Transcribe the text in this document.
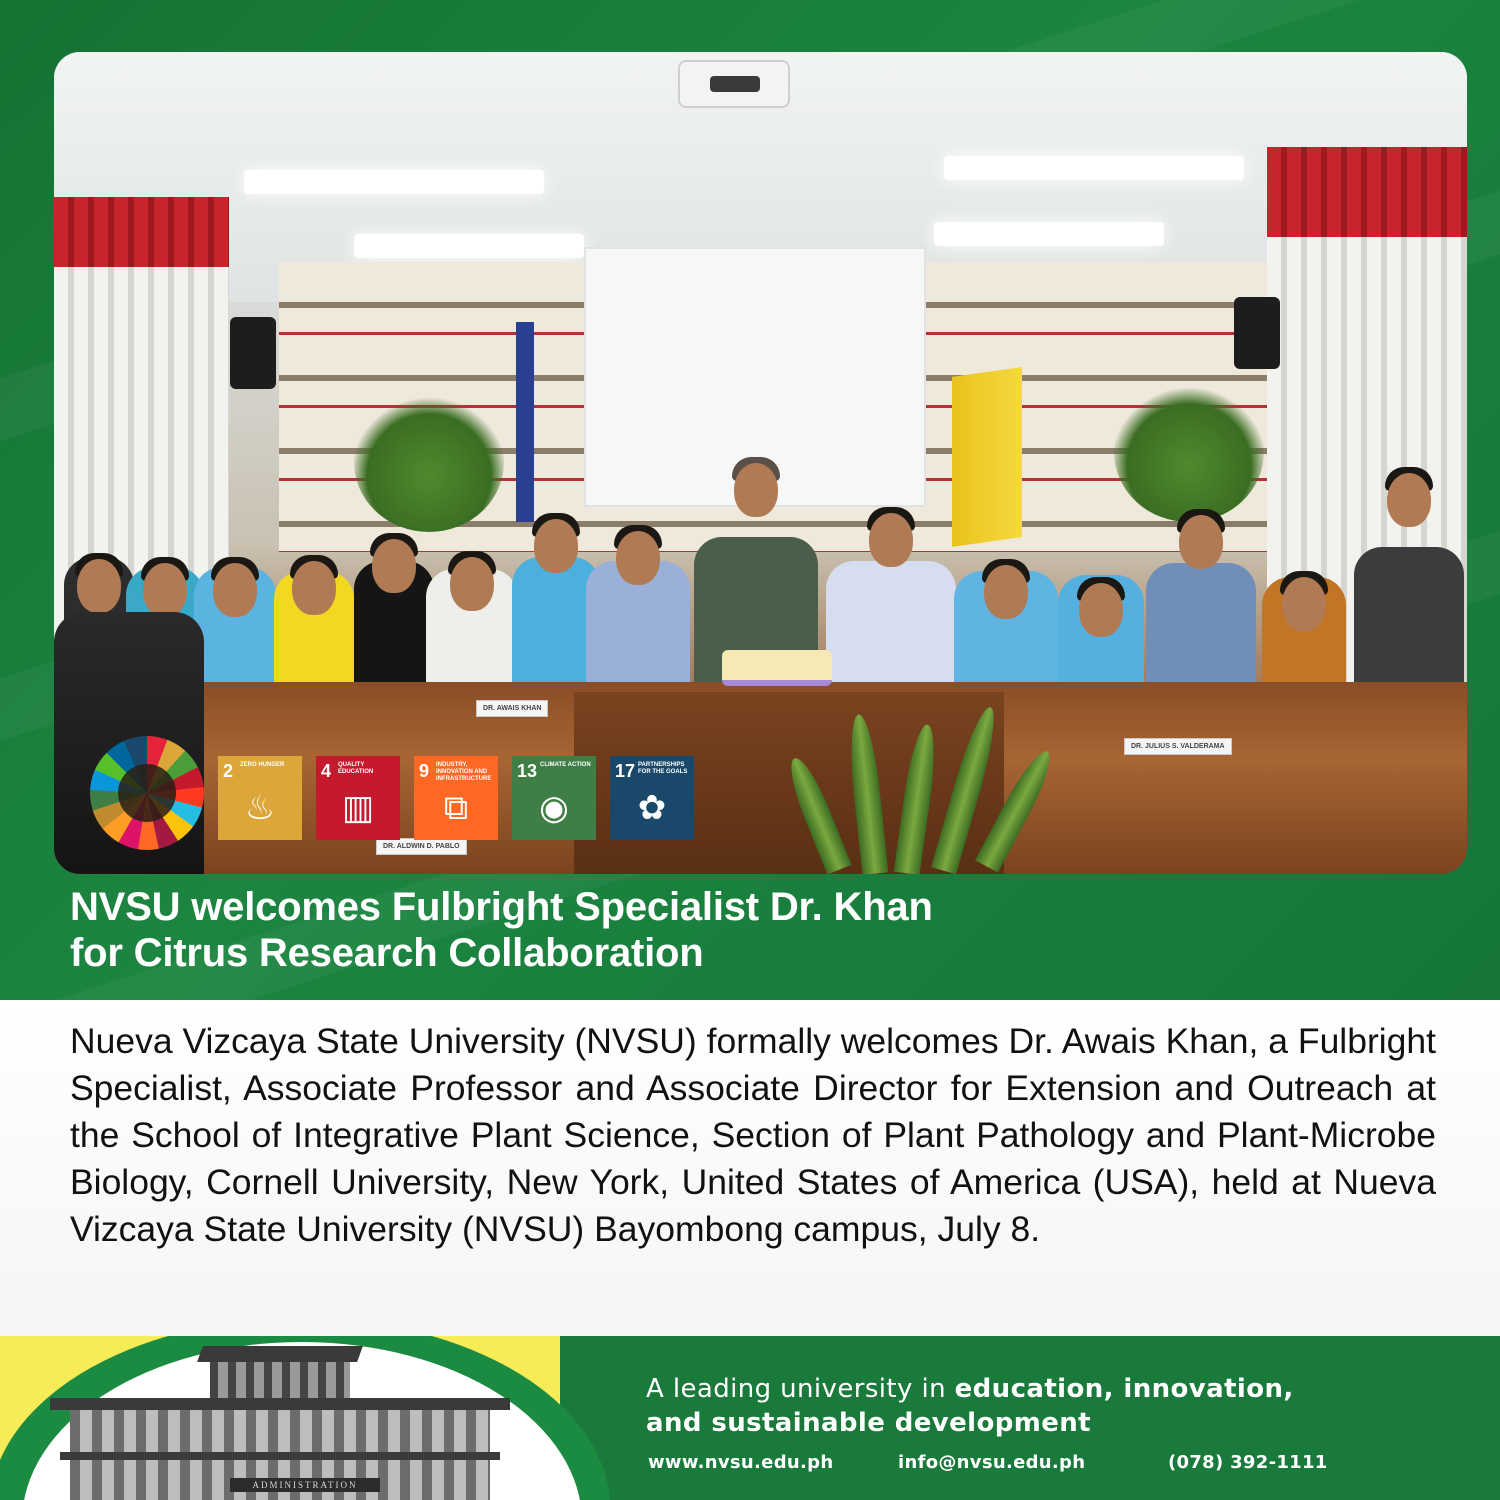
DR. AWAIS KHAN
DR. JULIUS S. VALDERAMA
DR. ALDWIN D. PABLO
2 ZERO HUNGER
♨
4 QUALITY EDUCATION
▥
9 INDUSTRY, INNOVATION AND INFRASTRUCTURE
⧉
13 CLIMATE ACTION
◉
17 PARTNERSHIPS FOR THE GOALS
✿
NVSU welcomes Fulbright Specialist Dr. Khan
for Citrus Research Collaboration
Nueva Vizcaya State University (NVSU) formally welcomes Dr. Awais Khan, a Fulbright Specialist, Associate Professor and Associate Director for Extension and Outreach at the School of Integrative Plant Science, Section of Plant Pathology and Plant-Microbe Biology, Cornell University, New York, United States of America (USA), held at Nueva Vizcaya State University (NVSU) Bayombong campus, July 8.
ADMINISTRATION
A leading university in education, innovation,
and sustainable development
www.nvsu.edu.ph	info@nvsu.edu.ph	(078) 392-1111
